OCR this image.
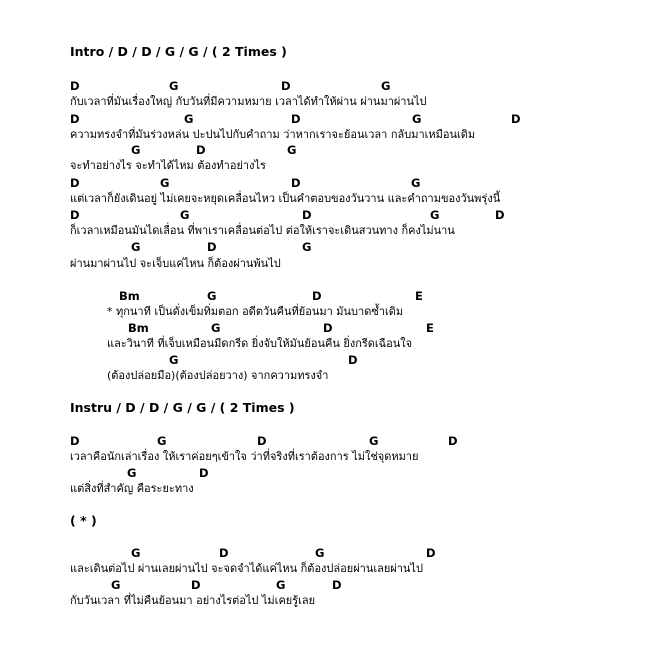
Intro / D / D / G / G / ( 2 Times )
D	G	D	G
กับเวลาที่มันเรื่องใหญ่ กับวันที่มีความหมาย เวลาได้ทำให้ผ่าน ผ่านมาผ่านไป
D	G	D	G	D
ความทรงจำที่มันร่วงหล่น ปะปนไปกับคำถาม ว่าหากเราจะย้อนเวลา กลับมาเหมือนเดิม
G	D	G
จะทำอย่างไร จะทำได้ไหม ต้องทำอย่างไร
D	G	D	G
แต่เวลาก็ยังเดินอยู่ ไม่เคยจะหยุดเคลื่อนไหว เป็นคำตอบของวันวาน และคำถามของวันพรุ่งนี้
D	G	D	G	D
ก็เวลาเหมือนมันไดเลื่อน ที่พาเราเคลื่อนต่อไป ต่อให้เราจะเดินสวนทาง ก็คงไม่นาน
G	D	G
ผ่านมาผ่านไป จะเจ็บแค่ไหน ก็ต้องผ่านพ้นไป
Bm	G	D	E
* ทุกนาที เป็นดั่งเข็มทิ่มตอก อดีตวันคืนที่ย้อนมา มันบาดซ้ำเดิม
Bm	G	D	E
และวินาที ที่เจ็บเหมือนมีดกรีด ยิ่งจับให้มันย้อนคืน ยิ่งกรีดเฉือนใจ
G	D
(ต้องปล่อยมือ)(ต้องปล่อยวาง) จากความทรงจำ
Instru / D / D / G / G / ( 2 Times )
D	G	D	G	D
เวลาคือนักเล่าเรื่อง ให้เราค่อยๆเข้าใจ ว่าที่จริงที่เราต้องการ ไม่ใช่จุดหมาย
G	D
แต่สิ่งที่สำคัญ คือระยะทาง
( * )
G	D	G	D
และเดินต่อไป ผ่านเลยผ่านไป จะจดจำได้แค่ไหน ก็ต้องปล่อยผ่านเลยผ่านไป
G	D	G	D
กับวันเวลา ที่ไม่คืนย้อนมา อย่างไรต่อไป ไม่เคยรู้เลย
